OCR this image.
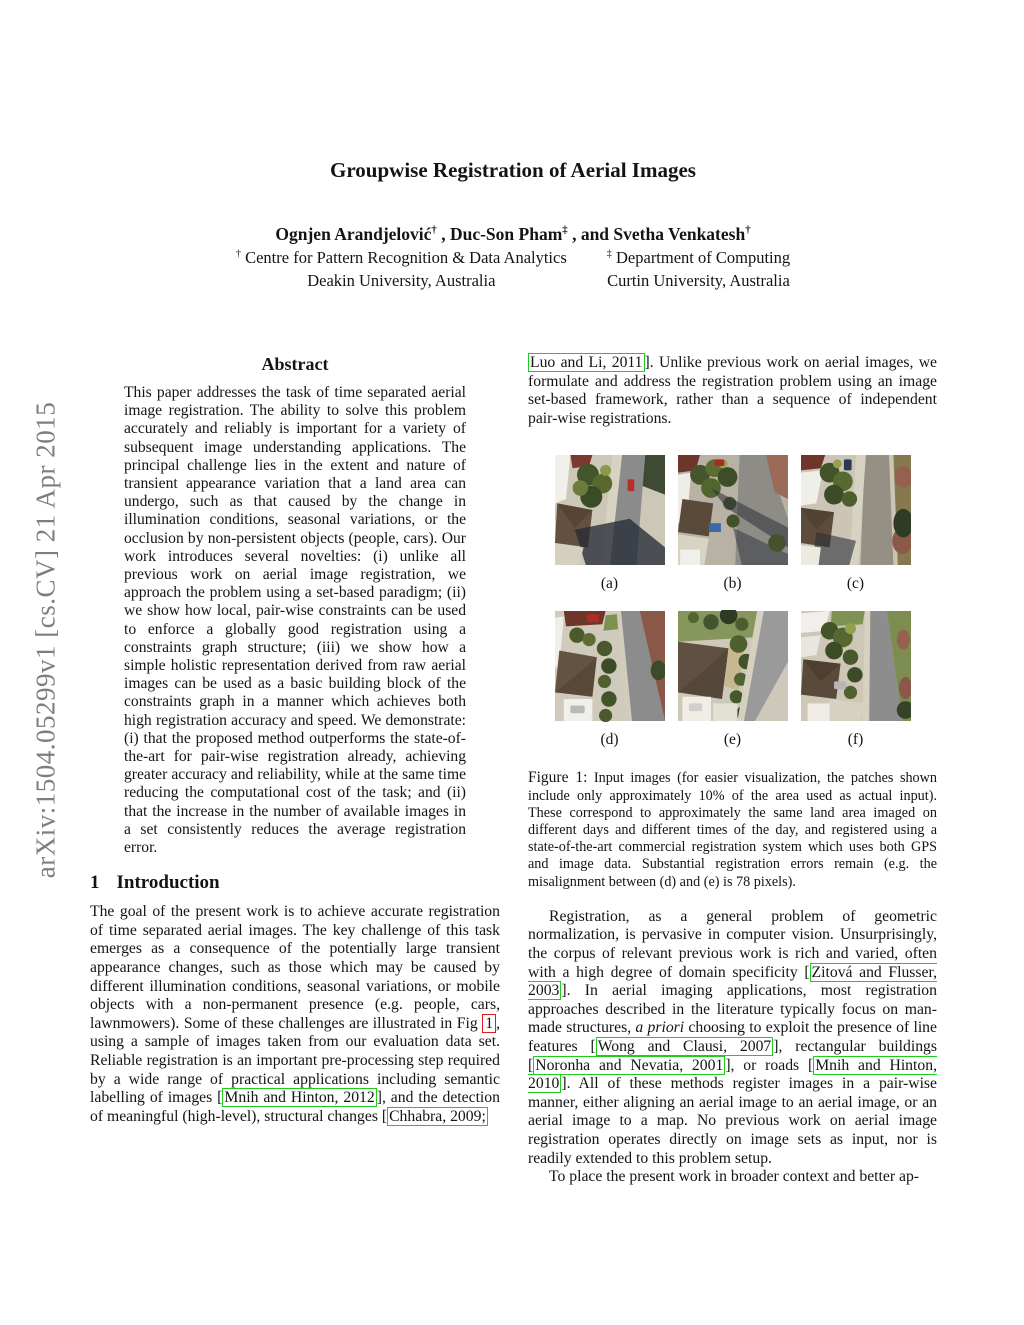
arXiv:1504.05299v1 [cs.CV] 21 Apr 2015
Groupwise Registration of Aerial Images
Ognjen Arandjelović† , Duc-Son Pham‡ , and Svetha Venkatesh†
† Centre for Pattern Recognition & Data Analytics
Deakin University, Australia
‡ Department of Computing
Curtin University, Australia
Abstract
This paper addresses the task of time separated aerial image registration. The ability to solve this problem accurately and reliably is important for a variety of subsequent image understanding applications. The principal challenge lies in the extent and nature of transient appearance variation that a land area can undergo, such as that caused by the change in illumination conditions, seasonal variations, or the occlusion by non-persistent objects (people, cars). Our work introduces several novelties: (i) unlike all previous work on aerial image registration, we approach the problem using a set-based paradigm; (ii) we show how local, pair-wise constraints can be used to enforce a globally good registration using a constraints graph structure; (iii) we show how a simple holistic representation derived from raw aerial images can be used as a basic building block of the constraints graph in a manner which achieves both high registration accuracy and speed. We demonstrate: (i) that the proposed method outperforms the state-of-the-art for pair-wise registration already, achieving greater accuracy and reliability, while at the same time reducing the computational cost of the task; and (ii) that the increase in the number of available images in a set consistently reduces the average registration error.
1 Introduction

The goal of the present work is to achieve accurate registration of time separated aerial images. The key challenge of this task emerges as a consequence of the potentially large transient appearance changes, such as those which may be caused by different illumination conditions, seasonal variations, or mobile objects with a non-permanent presence (e.g. people, cars, lawnmowers). Some of these challenges are illustrated in Fig 1 , using a sample of images taken from our evaluation data set. Reliable registration is an important pre-processing step required by a wide range of practical applications including semantic labelling of images [ Mnih and Hinton, 2012 ], and the detection of meaningful (high-level), structural changes [ Chhabra, 2009;

Luo and Li, 2011 ]. Unlike previous work on aerial images, we formulate and address the registration problem using an image set-based framework, rather than a sequence of independent pair-wise registrations.

(a)	(b)	(c)
(d)	(e)	(f)
Figure 1: Input images (for easier visualization, the patches shown include only approximately 10% of the area used as actual input). These correspond to approximately the same land area imaged on different days and different times of the day, and registered using a state-of-the-art commercial registration system which uses both GPS and image data. Substantial registration errors remain (e.g. the misalignment between (d) and (e) is 78 pixels).

Registration, as a general problem of geometric normalization, is pervasive in computer vision. Unsurprisingly, the corpus of relevant previous work is rich and varied, often with a high degree of domain specificity [ Zitová and Flusser, 2003 ]. In aerial imaging applications, most registration approaches described in the literature typically focus on man-made structures, a priori choosing to exploit the presence of line features [ Wong and Clausi, 2007 ], rectangular buildings [ Noronha and Nevatia, 2001 ], or roads [ Mnih and Hinton, 2010 ]. All of these methods register images in a pair-wise manner, either aligning an aerial image to an aerial image, or an aerial image to a map. No previous work on aerial image registration operates directly on image sets as input, nor is readily extended to this problem setup.

To place the present work in broader context and better ap-
